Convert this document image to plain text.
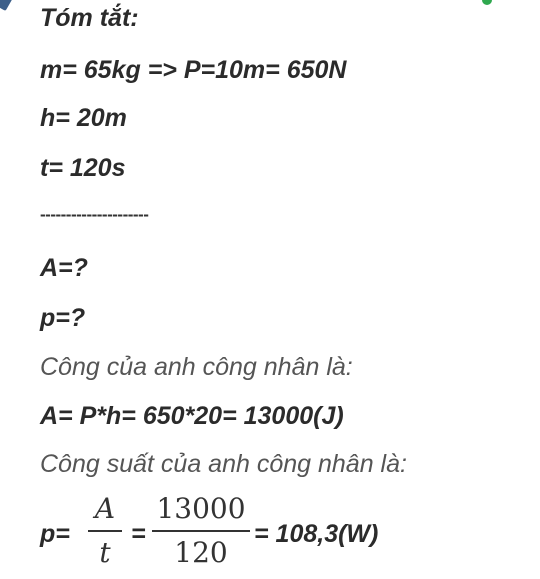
Tóm tắt:
m= 65kg => P=10m= 650N
h= 20m
t= 120s
---------------------
A=?
p=?
Công của anh công nhân là:
A= P*h= 650*20= 13000(J)
Công suất của anh công nhân là:
p=
A
t
=
13000
120
= 108,3(W)
